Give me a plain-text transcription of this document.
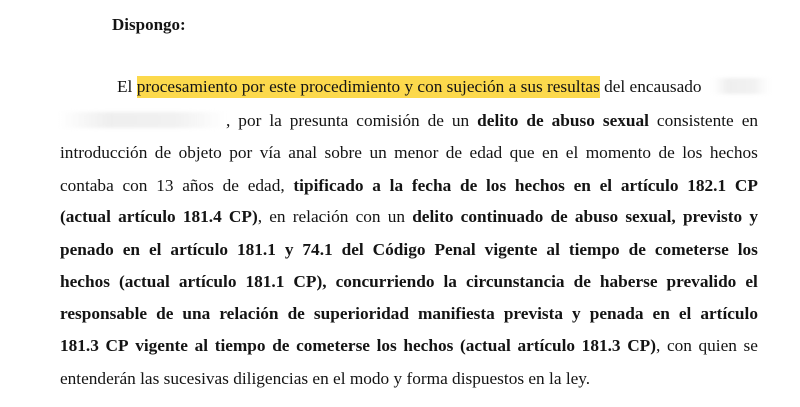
Dispongo:
El procesamiento por este procedimiento y con sujeción a sus resultas del encausado
, por la presunta comisión de un delito de abuso sexual consistente en
introducción de objeto por vía anal sobre un menor de edad que en el momento de los hechos
contaba con 13 años de edad, tipificado a la fecha de los hechos en el artículo 182.1 CP
(actual artículo 181.4 CP), en relación con un delito continuado de abuso sexual, previsto y
penado en el artículo 181.1 y 74.1 del Código Penal vigente al tiempo de cometerse los
hechos (actual artículo 181.1 CP), concurriendo la circunstancia de haberse prevalido el
responsable de una relación de superioridad manifiesta prevista y penada en el artículo
181.3 CP vigente al tiempo de cometerse los hechos (actual artículo 181.3 CP), con quien se
entenderán las sucesivas diligencias en el modo y forma dispuestos en la ley.
